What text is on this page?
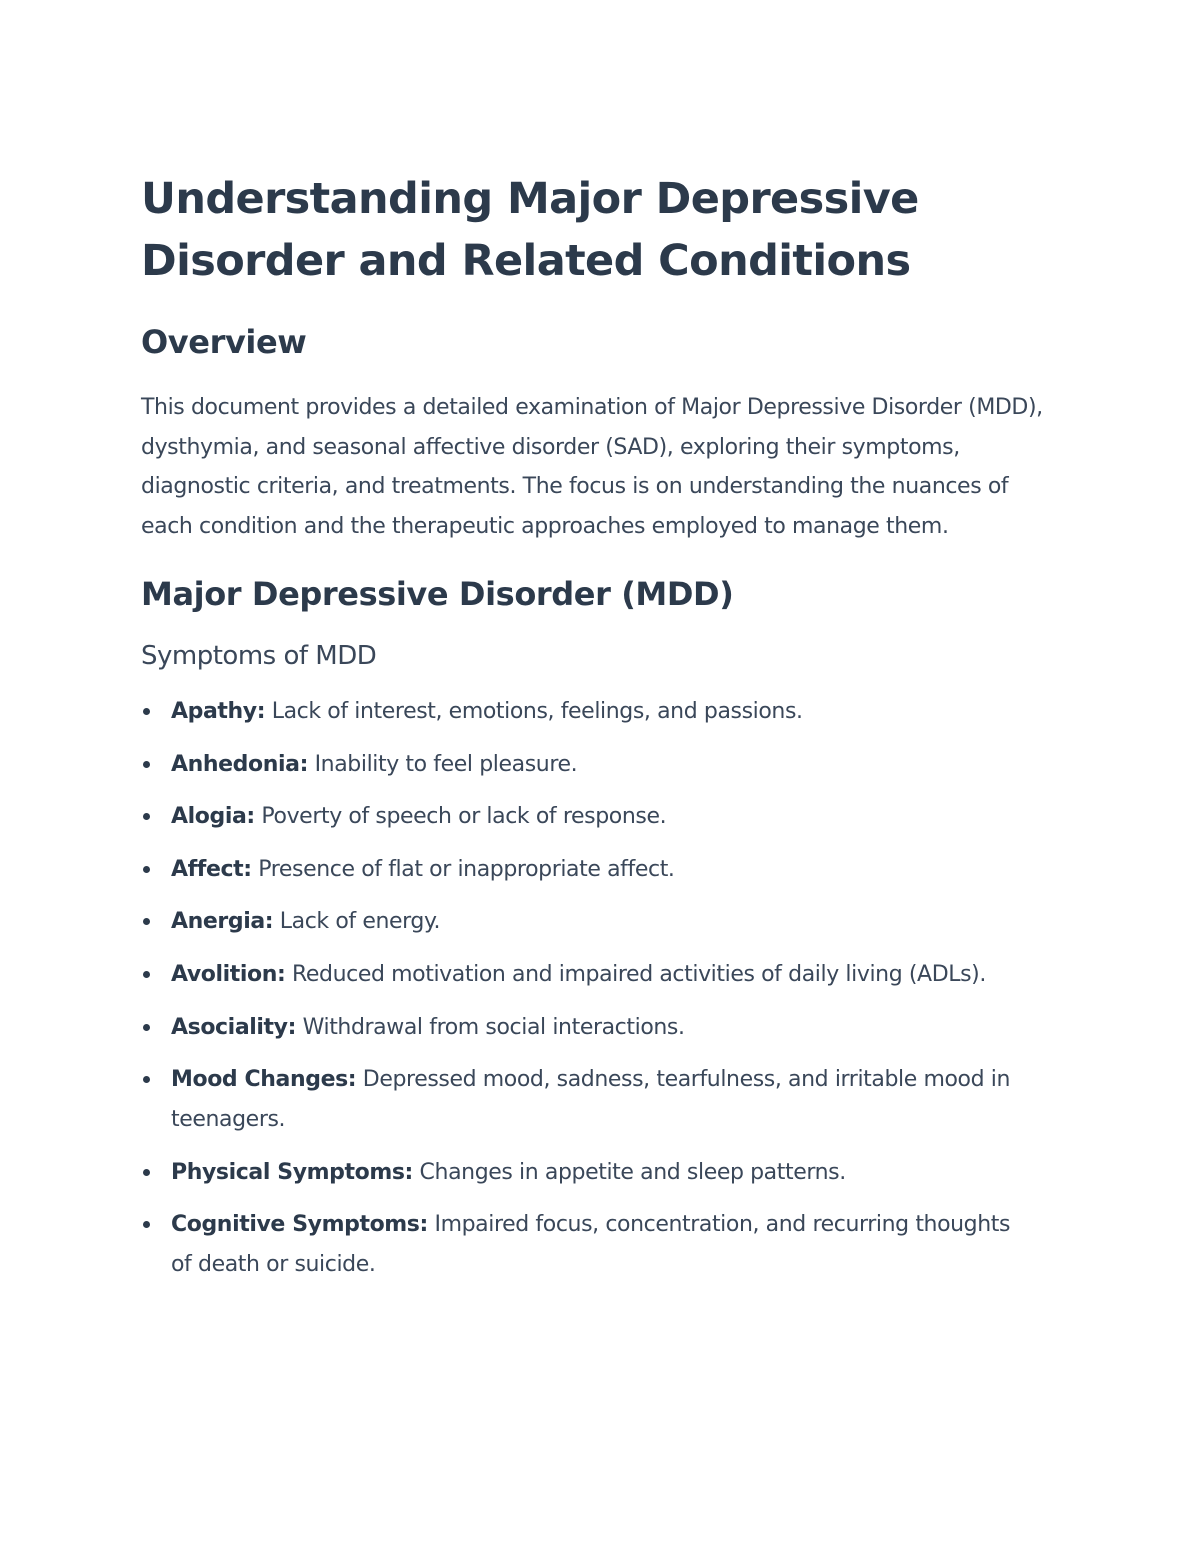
Understanding Major Depressive Disorder and Related Conditions
Overview

This document provides a detailed examination of Major Depressive Disorder (MDD), dysthymia, and seasonal affective disorder (SAD), exploring their symptoms, diagnostic criteria, and treatments. The focus is on understanding the nuances of each condition and the therapeutic approaches employed to manage them.

Major Depressive Disorder (MDD)
Symptoms of MDD
Apathy: Lack of interest, emotions, feelings, and passions.
Anhedonia: Inability to feel pleasure.
Alogia: Poverty of speech or lack of response.
Affect: Presence of flat or inappropriate affect.
Anergia: Lack of energy.
Avolition: Reduced motivation and impaired activities of daily living (ADLs).
Asociality: Withdrawal from social interactions.
Mood Changes: Depressed mood, sadness, tearfulness, and irritable mood in teenagers.
Physical Symptoms: Changes in appetite and sleep patterns.
Cognitive Symptoms: Impaired focus, concentration, and recurring thoughts of death or suicide.
